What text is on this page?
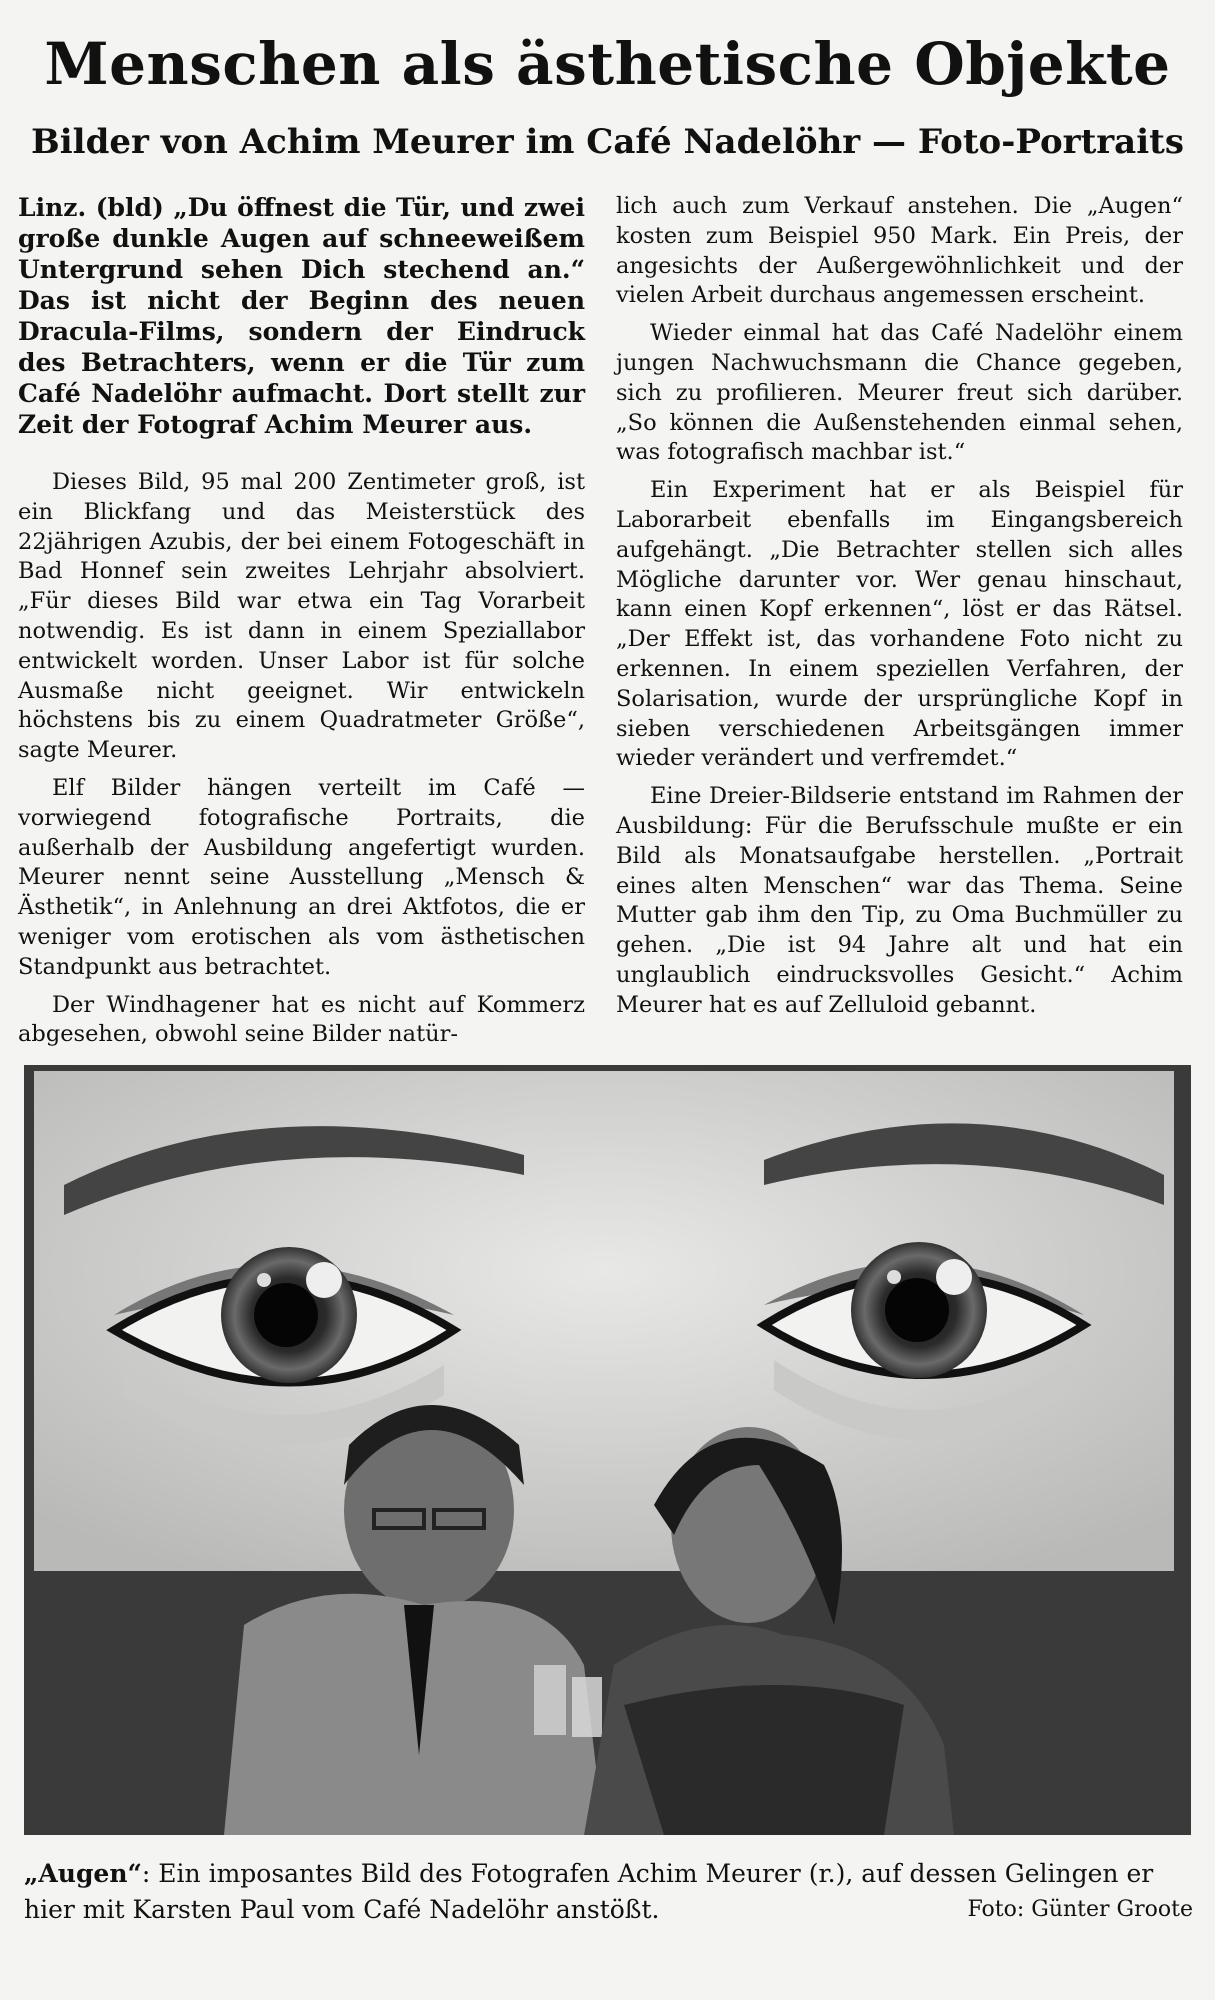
Menschen als ästhetische Objekte
Bilder von Achim Meurer im Café Nadelöhr — Foto-Portraits

Linz. (bld) „Du öffnest die Tür, und zwei große dunkle Augen auf schneeweißem Untergrund sehen Dich stechend an.“ Das ist nicht der Beginn des neuen Dracula-Films, sondern der Eindruck des Betrachters, wenn er die Tür zum Café Nadelöhr aufmacht. Dort stellt zur Zeit der Fotograf Achim Meurer aus.

Dieses Bild, 95 mal 200 Zentimeter groß, ist ein Blickfang und das Meisterstück des 22jährigen Azubis, der bei einem Fotogeschäft in Bad Honnef sein zweites Lehrjahr absolviert. „Für dieses Bild war etwa ein Tag Vorarbeit notwendig. Es ist dann in einem Speziallabor entwickelt worden. Unser Labor ist für solche Ausmaße nicht geeignet. Wir entwickeln höchstens bis zu einem Quadratmeter Größe“, sagte Meurer.

Elf Bilder hängen verteilt im Café — vorwiegend fotografische Portraits, die außerhalb der Ausbildung angefertigt wurden. Meurer nennt seine Ausstellung „Mensch & Ästhetik“, in Anlehnung an drei Aktfotos, die er weniger vom erotischen als vom ästhetischen Standpunkt aus betrachtet.

Der Windhagener hat es nicht auf Kommerz abgesehen, obwohl seine Bilder natür-

lich auch zum Verkauf anstehen. Die „Augen“ kosten zum Beispiel 950 Mark. Ein Preis, der angesichts der Außergewöhnlichkeit und der vielen Arbeit durchaus angemessen erscheint.

Wieder einmal hat das Café Nadelöhr einem jungen Nachwuchsmann die Chance gegeben, sich zu profilieren. Meurer freut sich darüber. „So können die Außenstehenden einmal sehen, was fotografisch machbar ist.“

Ein Experiment hat er als Beispiel für Laborarbeit ebenfalls im Eingangsbereich aufgehängt. „Die Betrachter stellen sich alles Mögliche darunter vor. Wer genau hinschaut, kann einen Kopf erkennen“, löst er das Rätsel. „Der Effekt ist, das vorhandene Foto nicht zu erkennen. In einem speziellen Verfahren, der Solarisation, wurde der ursprüngliche Kopf in sieben verschiedenen Arbeitsgängen immer wieder verändert und verfremdet.“

Eine Dreier-Bildserie entstand im Rahmen der Ausbildung: Für die Berufsschule mußte er ein Bild als Monatsaufgabe herstellen. „Portrait eines alten Menschen“ war das Thema. Seine Mutter gab ihm den Tip, zu Oma Buchmüller zu gehen. „Die ist 94 Jahre alt und hat ein unglaublich eindrucksvolles Gesicht.“ Achim Meurer hat es auf Zelluloid gebannt.

„Augen“: Ein imposantes Bild des Fotografen Achim Meurer (r.), auf dessen Gelingen er hier mit Karsten Paul vom Café Nadelöhr anstößt.	Foto: Günter Groote
